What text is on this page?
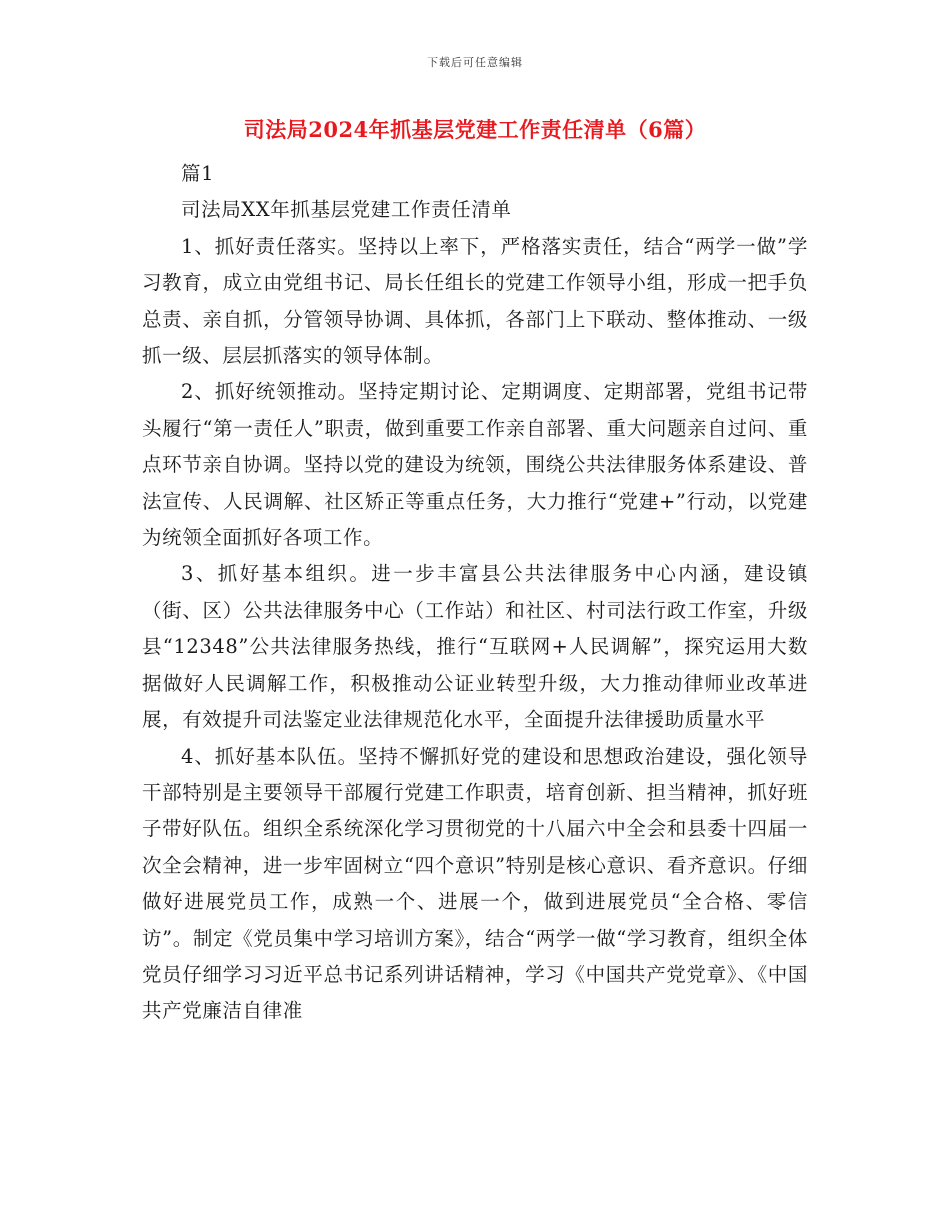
下载后可任意编辑
司法局2024年抓基层党建工作责任清单（6篇）

篇1

司法局XX年抓基层党建工作责任清单

1、抓好责任落实。坚持以上率下，严格落实责任，结合“两学一做”学习教育，成立由党组书记、局长任组长的党建工作领导小组，形成一把手负总责、亲自抓，分管领导协调、具体抓，各部门上下联动、整体推动、一级抓一级、层层抓落实的领导体制。

2、抓好统领推动。坚持定期讨论、定期调度、定期部署，党组书记带头履行“第一责任人”职责，做到重要工作亲自部署、重大问题亲自过问、重点环节亲自协调。坚持以党的建设为统领，围绕公共法律服务体系建设、普法宣传、人民调解、社区矫正等重点任务，大力推行“党建+”行动，以党建为统领全面抓好各项工作。

3、抓好基本组织。进一步丰富县公共法律服务中心内涵，建设镇（街、区）公共法律服务中心（工作站）和社区、村司法行政工作室，升级县“12348”公共法律服务热线，推行“互联网+人民调解”，探究运用大数据做好人民调解工作，积极推动公证业转型升级，大力推动律师业改革进展，有效提升司法鉴定业法律规范化水平，全面提升法律援助质量水平

4、抓好基本队伍。坚持不懈抓好党的建设和思想政治建设，强化领导干部特别是主要领导干部履行党建工作职责，培育创新、担当精神，抓好班子带好队伍。组织全系统深化学习贯彻党的十八届六中全会和县委十四届一次全会精神，进一步牢固树立“四个意识”特别是核心意识、看齐意识。仔细做好进展党员工作，成熟一个、进展一个，做到进展党员“全合格、零信访”。制定《党员集中学习培训方案》，结合“两学一做“学习教育，组织全体党员仔细学习习近平总书记系列讲话精神，学习《中国共产党党章》、《中国共产党廉洁自律准
